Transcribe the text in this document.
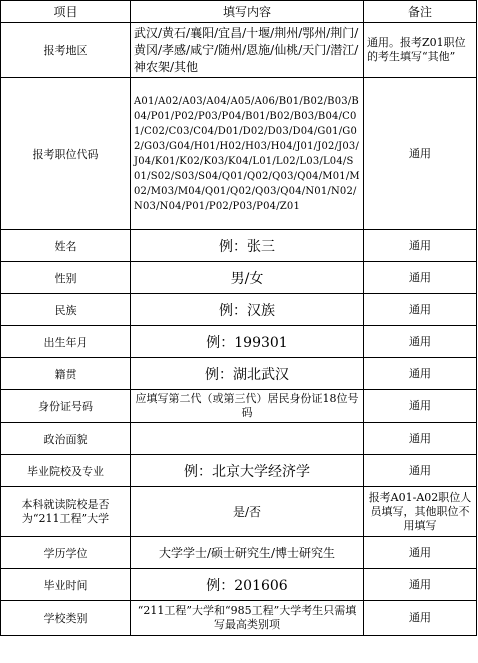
项目	填写内容	备注
报考地区	武汉/黄石/襄阳/宜昌/十堰/荆州/鄂州/荆门/黄冈/孝感/咸宁/随州/恩施/仙桃/天门/潜江/神农架/其他	通用。报考Z01职位的考生填写“其他”
报考职位代码	A01/A02/A03/A04/A05/A06/B01/B02/B03/B04/P01/P02/P03/P04/B01/B02/B03/B04/C01/C02/C03/C04/D01/D02/D03/D04/G01/G02/G03/G04/H01/H02/H03/H04/J01/J02/J03/J04/K01/K02/K03/K04/L01/L02/L03/L04/S01/S02/S03/S04/Q01/Q02/Q03/Q04/M01/M02/M03/M04/Q01/Q02/Q03/Q04/N01/N02/N03/N04/P01/P02/P03/P04/Z01	通用
姓名	例：张三	通用
性别	男/女	通用
民族	例：汉族	通用
出生年月	例：199301	通用
籍贯	例：湖北武汉	通用
身份证号码	应填写第二代（或第三代）居民身份证18位号码	通用
政治面貌		通用
毕业院校及专业	例：北京大学经济学	通用
本科就读院校是否为“211工程”大学	是/否	报考A01-A02职位人员填写，其他职位不用填写
学历学位	大学学士/硕士研究生/博士研究生	通用
毕业时间	例：201606	通用
学校类别	“211工程”大学和“985工程”大学考生只需填写最高类别项	通用
